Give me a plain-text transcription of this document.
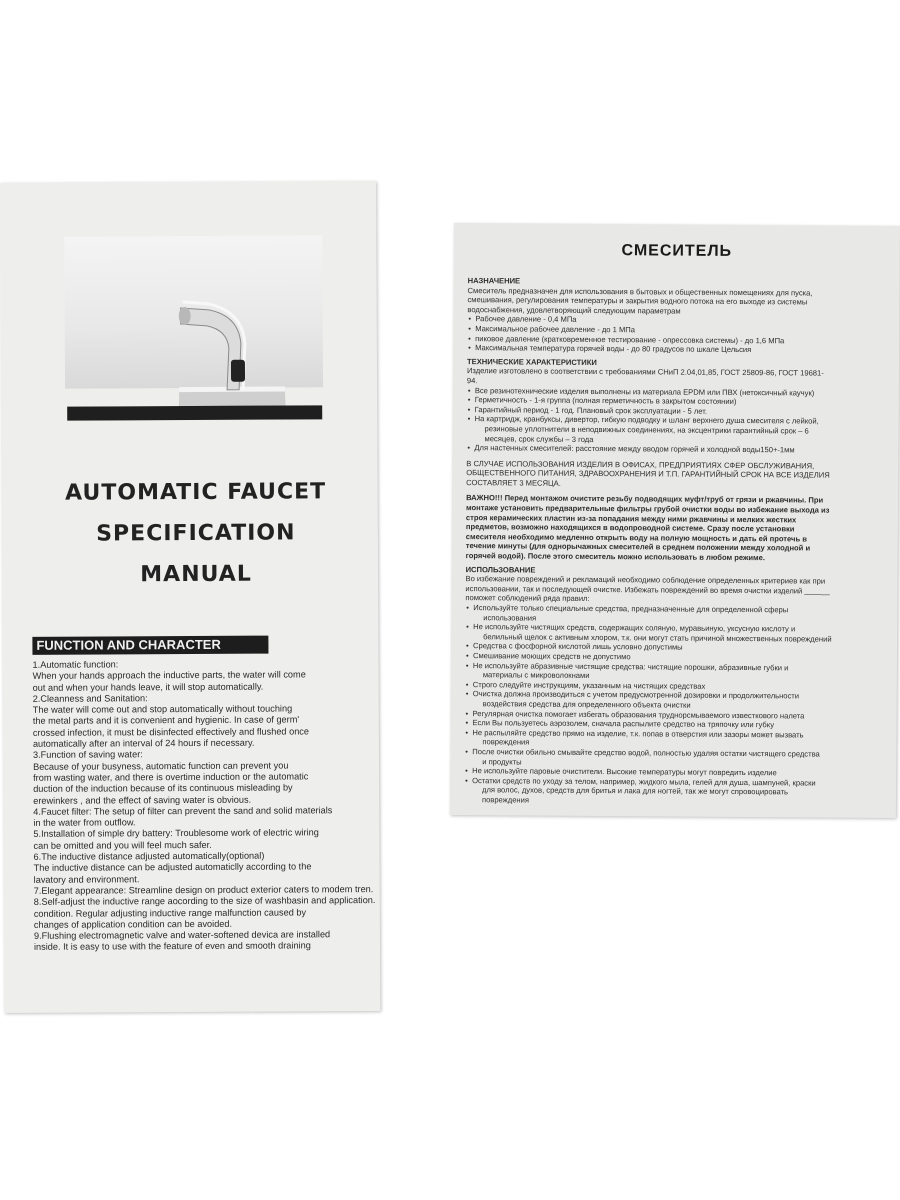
AUTOMATIC FAUCET
SPECIFICATION
MANUAL
FUNCTION AND CHARACTER
1.Automatic function:
When your hands approach the inductive parts, the water will come
out and when your hands leave, it will stop automatically.
2.Cleanness and Sanitation:
The water will come out and stop automatically without touching
the metal parts and it is convenient and hygienic. In case of germ'
crossed infection, it must be disinfected effectively and flushed once
automatically after an interval of 24 hours if necessary.
3.Function of saving water:
Because of your busyness, automatic function can prevent you
from wasting water, and there is overtime induction or the automatic
duction of the induction because of its continuous misleading by
erewinkers , and the effect of saving water is obvious.
4.Faucet filter: The setup of filter can prevent the sand and solid materials
in the water from outflow.
5.Installation of simple dry battery: Troublesome work of electric wiring
can be omitted and you will feel much safer.
6.The inductive distance adjusted automatically(optional)
The inductive distance can be adjusted automaticlly according to the
lavatory and environment.
7.Elegant appearance: Streamline design on product exterior caters to modem tren.
8.Self-adjust the inductive range aocording to the size of washbasin and application.
condition. Regular adjusting inductive range malfunction caused by
changes of application condition can be avoided.
9.Flushing electromagnetic valve and water-softened devica are installed
inside. It is easy to use with the feature of even and smooth draining
СМЕСИТЕЛЬ
НАЗНАЧЕНИЕ
Смеситель предназначен для использования в бытовых и общественных помещениях для пуска,
смешивания, регулирования температуры и закрытия водного потока на его выходе из системы
водоснабжения, удовлетворяющий следующим параметрам
• Рабочее давление - 0,4 МПа
• Максимальное рабочее давление - до 1 МПа
• пиковое давление (кратковременное тестирование - опрессовка системы) - до 1,6 МПа
• Максимальная температура горячей воды - до 80 градусов по шкале Цельсия
ТЕХНИЧЕСКИЕ ХАРАКТЕРИСТИКИ
Изделие изготовлено в соответствии с требованиями СНиП 2.04,01,85, ГОСТ 25809-86, ГОСТ 19681-
94.
• Все резинотехнические изделия выполнены из материала EPDM или ПВХ (нетоксичный каучук)
• Герметичность - 1-я группа (полная герметичность в закрытом состоянии)
• Гарантийный период - 1 год. Плановый срок эксплуатации - 5 лет.
• На картридж, кранбуксы, дивертор, гибкую подводку и шланг верхнего душа смесителя с лейкой,
резиновые уплотнители в неподвижных соединениях, на эксцентрики гарантийный срок – 6
месяцев, срок службы – 3 года
• Для настенных смесителей: расстояние между вводом горячей и холодной воды150+-1мм
В СЛУЧАЕ ИСПОЛЬЗОВАНИЯ ИЗДЕЛИЯ В ОФИСАХ, ПРЕДПРИЯТИЯХ СФЕР ОБСЛУЖИВАНИЯ,
ОБЩЕСТВЕННОГО ПИТАНИЯ, ЗДРАВООХРАНЕНИЯ И Т.П. ГАРАНТИЙНЫЙ СРОК НА ВСЕ ИЗДЕЛИЯ
СОСТАВЛЯЕТ 3 МЕСЯЦА.
ВАЖНО!!! Перед монтажом очистите резьбу подводящих муфт/труб от грязи и ржавчины. При
монтаже установить предварительные фильтры грубой очистки воды во избежание выхода из
строя керамических пластин из-за попадания между ними ржавчины и мелких жестких
предметов, возможно находящихся в водопроводной системе. Сразу после установки
смесителя необходимо медленно открыть воду на полную мощность и дать ей протечь в
течение минуты (для однорычажных смесителей в среднем положении между холодной и
горячей водой). После этого смеситель можно использовать в любом режиме.
ИСПОЛЬЗОВАНИЕ
Во избежание повреждений и рекламаций необходимо соблюдение определенных критериев как при
использовании, так и последующей очистке. Избежать повреждений во время очистки изделий ______
поможет соблюдений ряда правил:
• Используйте только специальные средства, предназначенные для определенной сферы
использования
• Не используйте чистящих средств, содержащих соляную, муравьиную, уксусную кислоту и
белильный щелок с активным хлором, т.к. они могут стать причиной множественных повреждений
• Средства с фосфорной кислотой лишь условно допустимы
• Смешивание моющих средств не допустимо
• Не используйте абразивные чистящие средства: чистящие порошки, абразивные губки и
материалы с микроволокнами
• Строго следуйте инструкциям, указанным на чистящих средствах
• Очистка должна производиться с учетом предусмотренной дозировки и продолжительности
воздействия средства для определенного объекта очистки
• Регулярная очистка помогает избегать образования труднорсмываемого известкового налета
• Если Вы пользуетесь аэрозолем, сначала распылите средство на тряпочку или губку
• Не распыляйте средство прямо на изделие, т.к. попав в отверстия или зазоры может вызвать
повреждения
• После очистки обильно смывайте средство водой, полностью удаляя остатки чистящего средства
и продукты
• Не используйте паровые очистители. Высокие температуры могут повредить изделие
• Остатки средств по уходу за телом, например, жидкого мыла, гелей для душа, шампуней, краски
для волос, духов, средств для бритья и лака для ногтей, так же могут спровоцировать
повреждения
